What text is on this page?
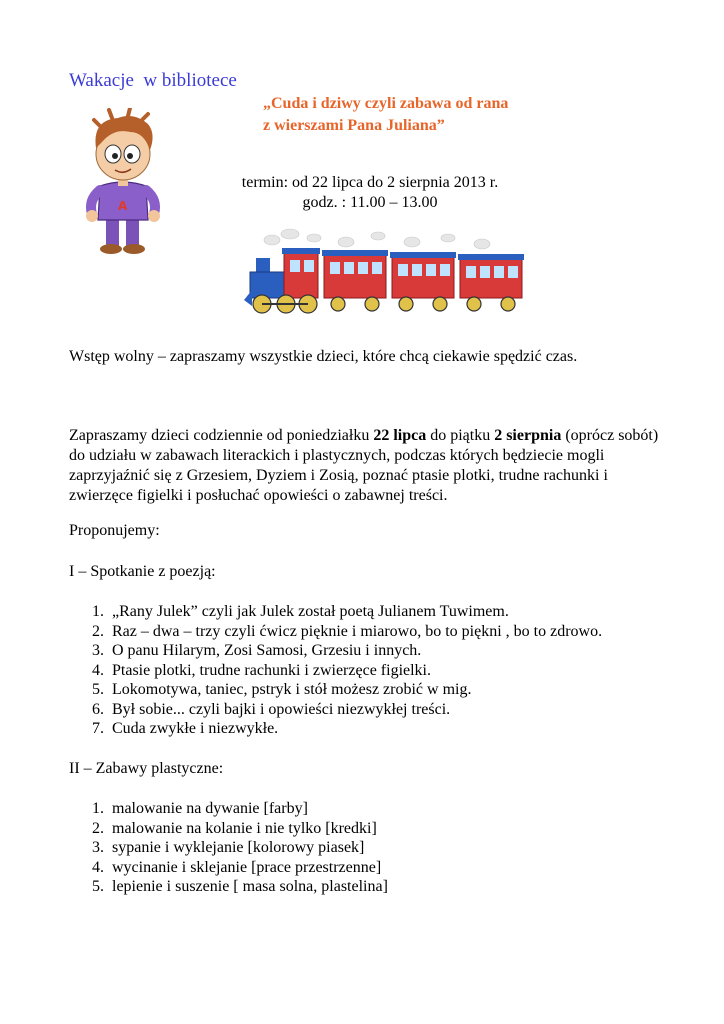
Wakacje  w bibliotece
„Cuda i dziwy czyli zabawa od rana
z wierszami Pana Juliana”
A
termin: od 22 lipca do 2 sierpnia 2013 r.
godz. : 11.00 – 13.00
Wstęp wolny – zapraszamy wszystkie dzieci, które chcą ciekawie spędzić czas.
Zapraszamy dzieci codziennie od poniedziałku 22 lipca do piątku 2 sierpnia (oprócz sobót) do udziału w zabawach literackich i plastycznych, podczas których będziecie mogli zaprzyjaźnić się z Grzesiem, Dyziem i Zosią, poznać ptasie plotki, trudne rachunki i zwierzęce figielki i posłuchać opowieści o zabawnej treści.
Proponujemy:
I – Spotkanie z poezją:
1. „Rany Julek” czyli jak Julek został poetą Julianem Tuwimem.
2. Raz – dwa – trzy czyli ćwicz pięknie i miarowo, bo to piękni , bo to zdrowo.
3. O panu Hilarym, Zosi Samosi, Grzesiu i innych.
4. Ptasie plotki, trudne rachunki i zwierzęce figielki.
5. Lokomotywa, taniec, pstryk i stół możesz zrobić w mig.
6. Był sobie... czyli bajki i opowieści niezwykłej treści.
7. Cuda zwykłe i niezwykłe.
II – Zabawy plastyczne:
1. malowanie na dywanie [farby]
2. malowanie na kolanie i nie tylko [kredki]
3. sypanie i wyklejanie [kolorowy piasek]
4. wycinanie i sklejanie [prace przestrzenne]
5. lepienie i suszenie [ masa solna, plastelina]
